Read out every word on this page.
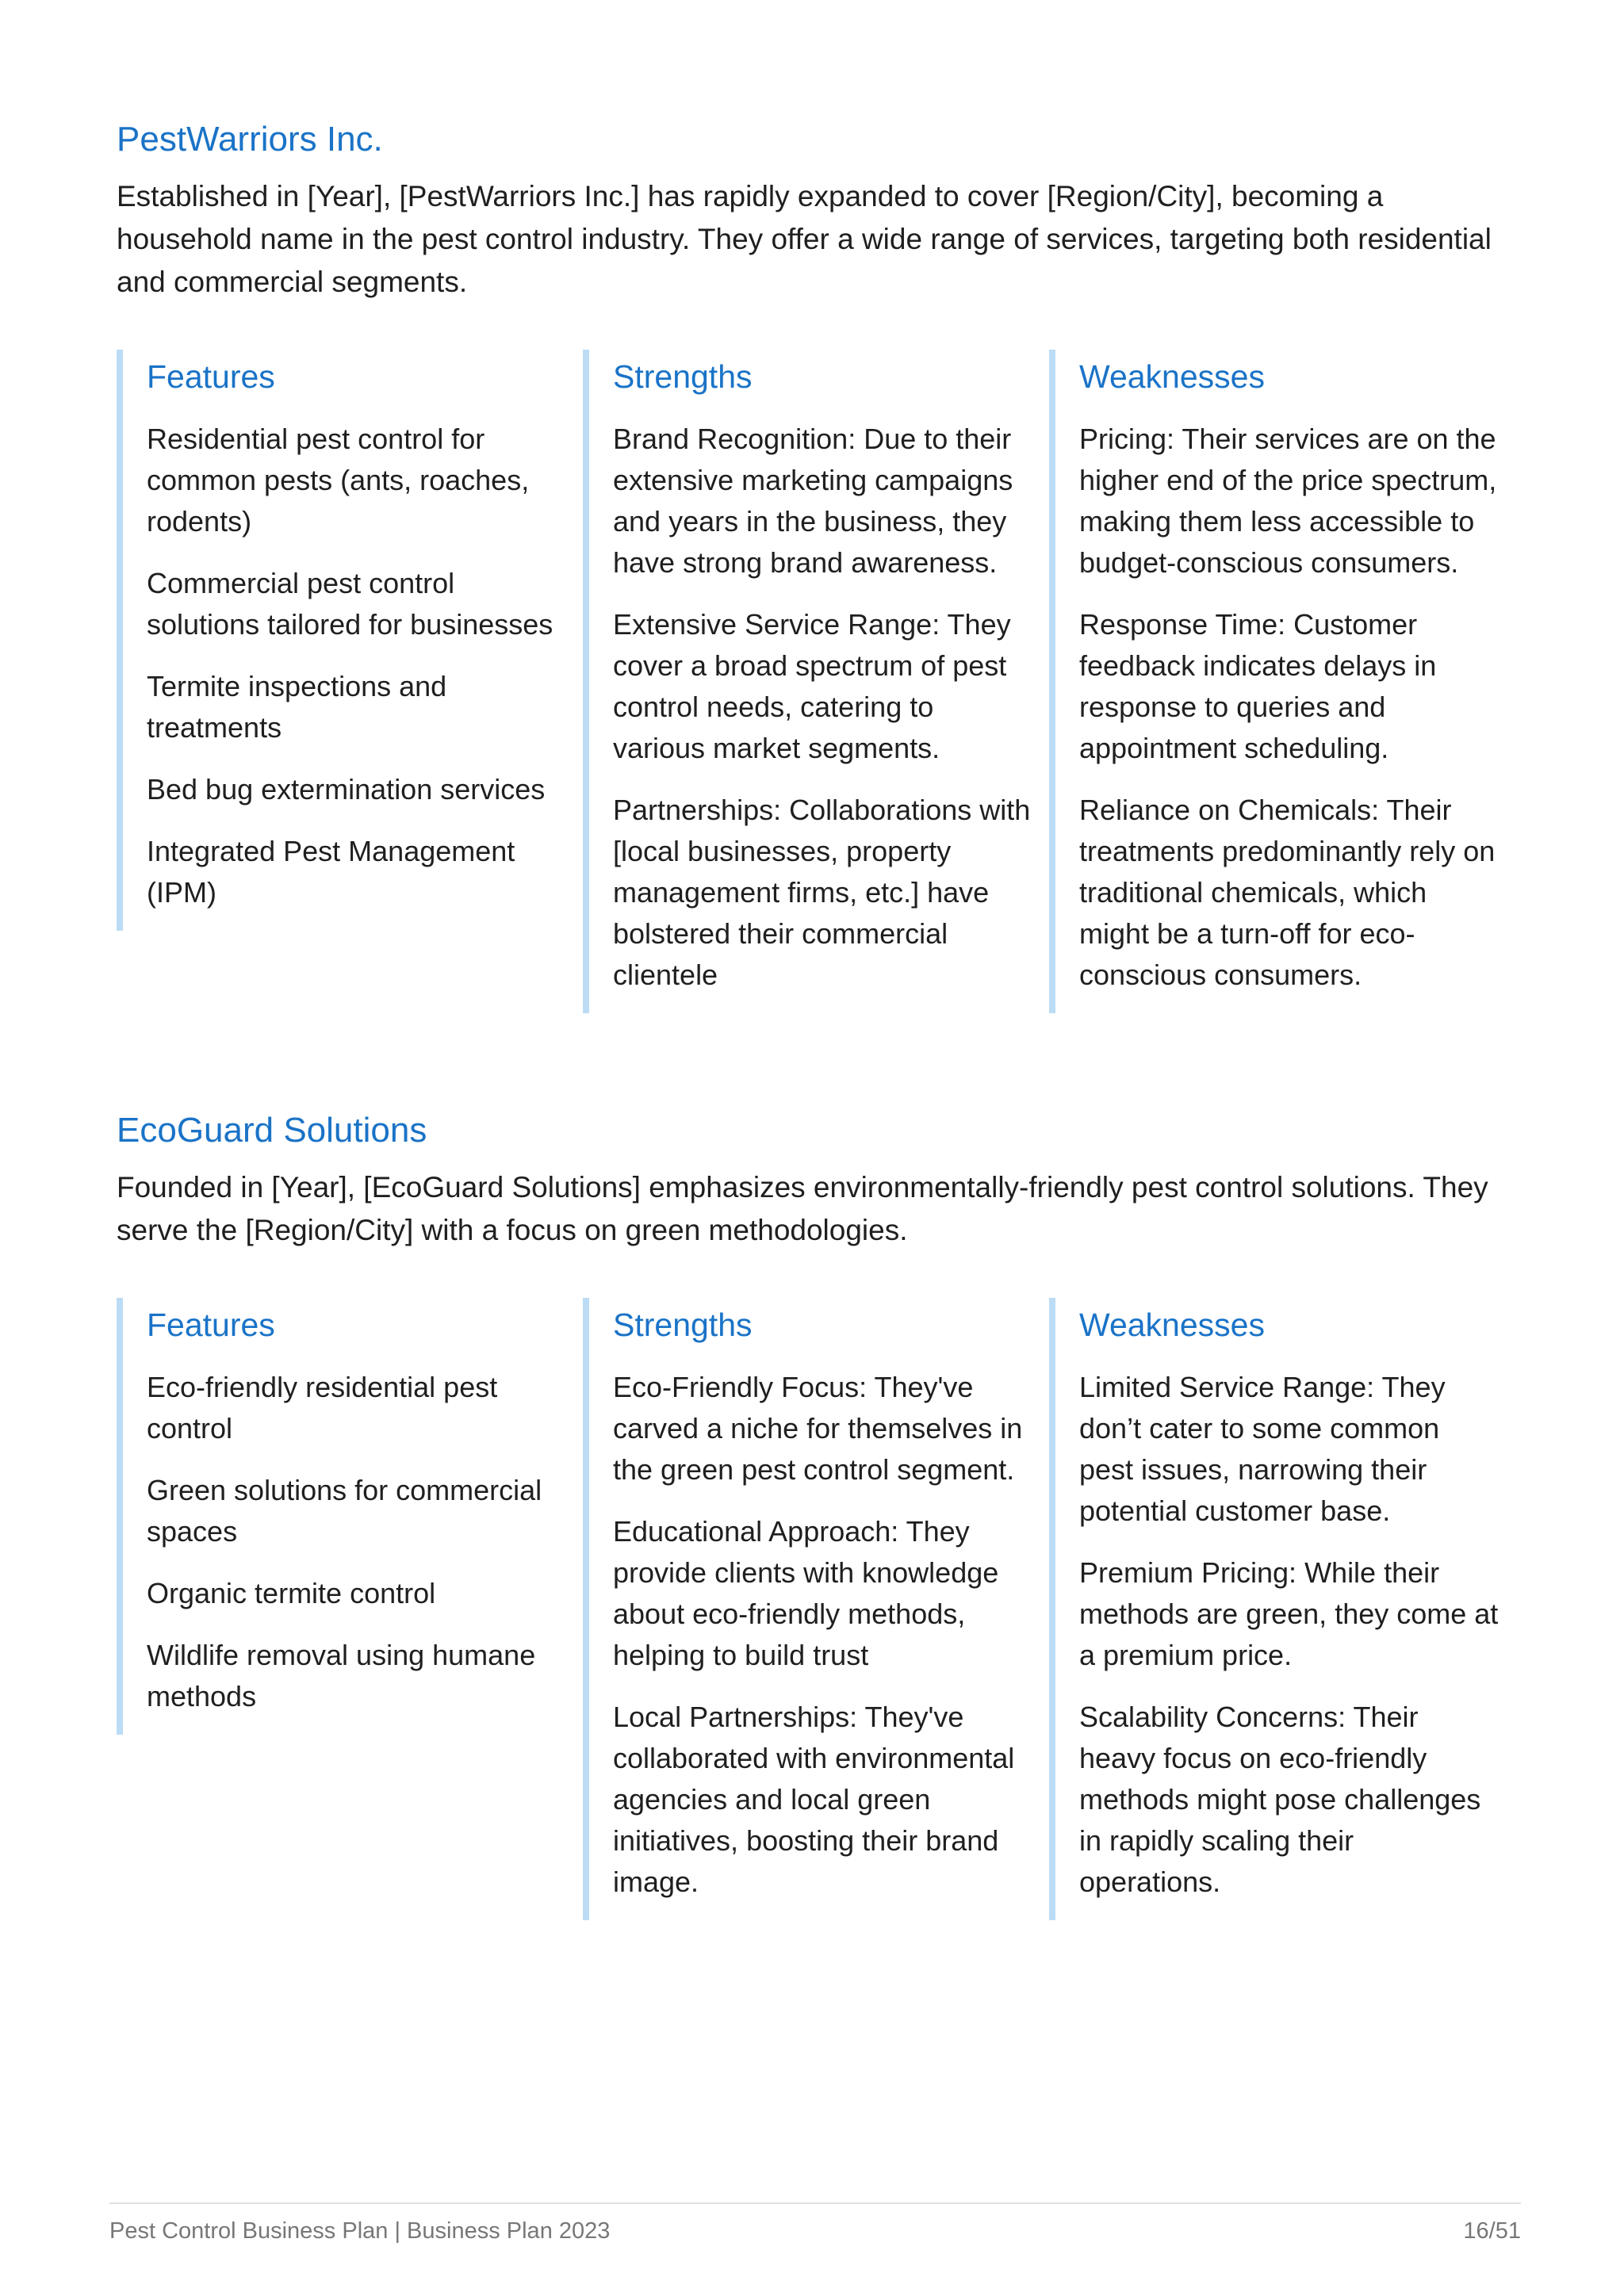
PestWarriors Inc.

Established in [Year], [PestWarriors Inc.] has rapidly expanded to cover [Region/City], becoming a household name in the pest control industry. They offer a wide range of services, targeting both residential and commercial segments.

Features
Residential pest control for common pests (ants, roaches, rodents)
Commercial pest control solutions tailored for businesses
Termite inspections and treatments
Bed bug extermination services
Integrated Pest Management (IPM)
Strengths
Brand Recognition: Due to their extensive marketing campaigns and years in the business, they have strong brand awareness.
Extensive Service Range: They cover a broad spectrum of pest control needs, catering to various market segments.
Partnerships: Collaborations with [local businesses, property management firms, etc.] have bolstered their commercial clientele
Weaknesses
Pricing: Their services are on the higher end of the price spectrum, making them less accessible to budget-conscious consumers.
Response Time: Customer feedback indicates delays in response to queries and appointment scheduling.
Reliance on Chemicals: Their treatments predominantly rely on traditional chemicals, which might be a turn-off for eco-conscious consumers.
EcoGuard Solutions

Founded in [Year], [EcoGuard Solutions] emphasizes environmentally-friendly pest control solutions. They serve the [Region/City] with a focus on green methodologies.

Features
Eco-friendly residential pest control
Green solutions for commercial spaces
Organic termite control
Wildlife removal using humane methods
Strengths
Eco-Friendly Focus: They've carved a niche for themselves in the green pest control segment.
Educational Approach: They provide clients with knowledge about eco-friendly methods, helping to build trust
Local Partnerships: They've collaborated with environmental agencies and local green initiatives, boosting their brand image.
Weaknesses
Limited Service Range: They don’t cater to some common pest issues, narrowing their potential customer base.
Premium Pricing: While their methods are green, they come at a premium price.
Scalability Concerns: Their heavy focus on eco-friendly methods might pose challenges in rapidly scaling their operations.
Pest Control Business Plan | Business Plan 2023	16/51
